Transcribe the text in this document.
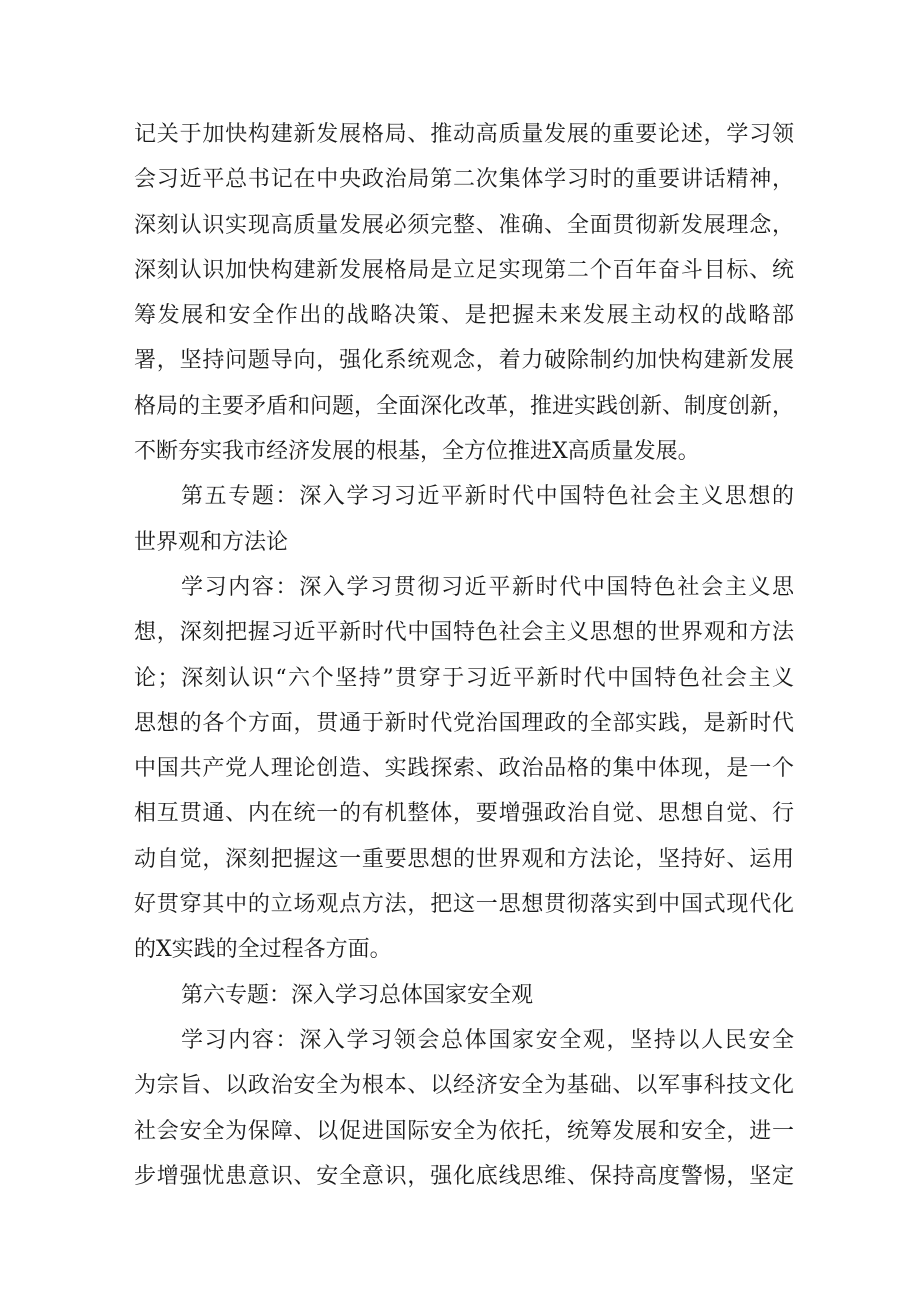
记关于加快构建新发展格局、推动高质量发展的重要论述，学习领
会习近平总书记在中央政治局第二次集体学习时的重要讲话精神，
深刻认识实现高质量发展必须完整、准确、全面贯彻新发展理念，
深刻认识加快构建新发展格局是立足实现第二个百年奋斗目标、统
筹发展和安全作出的战略决策、是把握未来发展主动权的战略部
署，坚持问题导向，强化系统观念，着力破除制约加快构建新发展
格局的主要矛盾和问题，全面深化改革，推进实践创新、制度创新，
不断夯实我市经济发展的根基，全方位推进X高质量发展。
第五专题：深入学习习近平新时代中国特色社会主义思想的
世界观和方法论
学习内容：深入学习贯彻习近平新时代中国特色社会主义思
想，深刻把握习近平新时代中国特色社会主义思想的世界观和方法
论；深刻认识“六个坚持”贯穿于习近平新时代中国特色社会主义
思想的各个方面，贯通于新时代党治国理政的全部实践，是新时代
中国共产党人理论创造、实践探索、政治品格的集中体现，是一个
相互贯通、内在统一的有机整体，要增强政治自觉、思想自觉、行
动自觉，深刻把握这一重要思想的世界观和方法论，坚持好、运用
好贯穿其中的立场观点方法，把这一思想贯彻落实到中国式现代化
的X实践的全过程各方面。
第六专题：深入学习总体国家安全观
学习内容：深入学习领会总体国家安全观，坚持以人民安全
为宗旨、以政治安全为根本、以经济安全为基础、以军事科技文化
社会安全为保障、以促进国际安全为依托，统筹发展和安全，进一
步增强忧患意识、安全意识，强化底线思维、保持高度警惕，坚定
